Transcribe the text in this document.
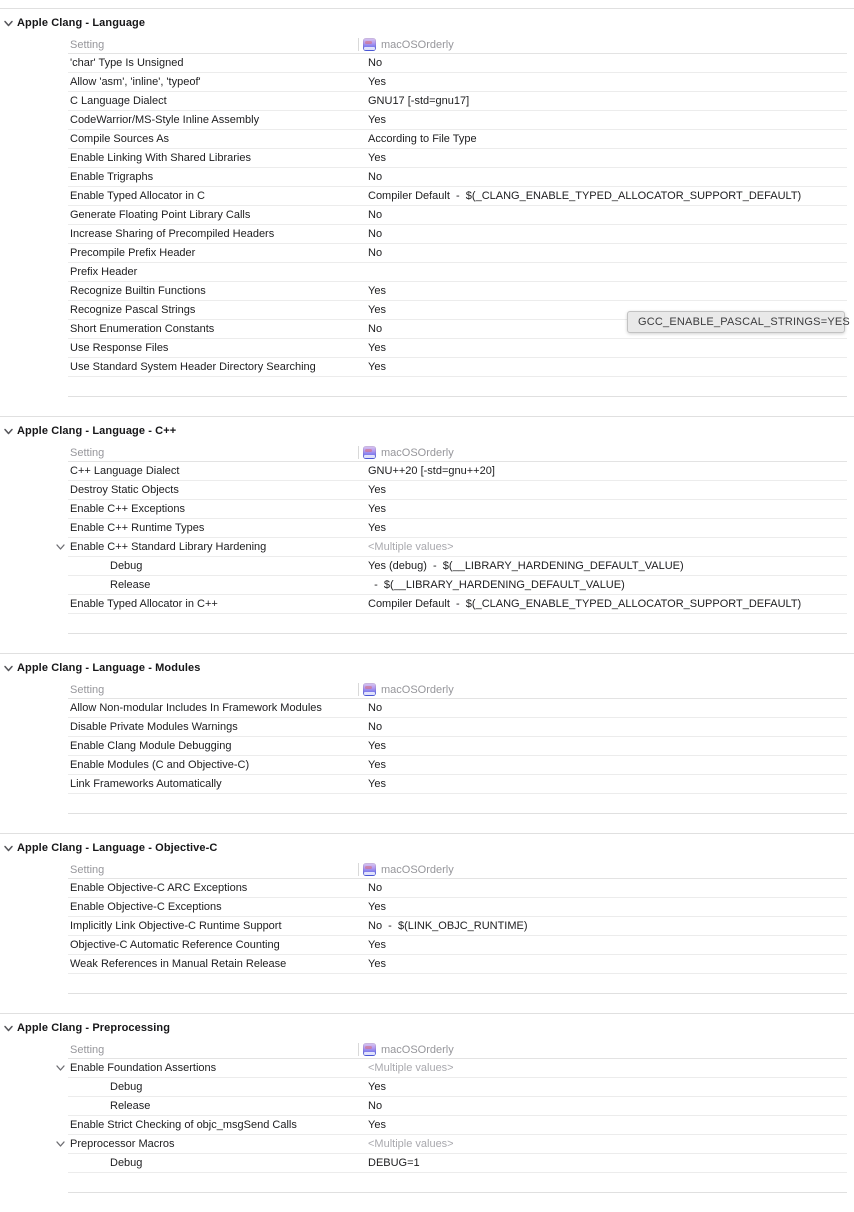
Apple Clang - Language
Setting	macOSOrderly
'char' Type Is Unsigned	No
Allow 'asm', 'inline', 'typeof'	Yes
C Language Dialect	GNU17 [-std=gnu17]
CodeWarrior/MS-Style Inline Assembly	Yes
Compile Sources As	According to File Type
Enable Linking With Shared Libraries	Yes
Enable Trigraphs	No
Enable Typed Allocator in C	Compiler Default  -  $(_CLANG_ENABLE_TYPED_ALLOCATOR_SUPPORT_DEFAULT)
Generate Floating Point Library Calls	No
Increase Sharing of Precompiled Headers	No
Precompile Prefix Header	No
Prefix Header
Recognize Builtin Functions	Yes
Recognize Pascal Strings	Yes
Short Enumeration Constants	No
Use Response Files	Yes
Use Standard System Header Directory Searching	Yes
Apple Clang - Language - C++
Setting	macOSOrderly
C++ Language Dialect	GNU++20 [-std=gnu++20]
Destroy Static Objects	Yes
Enable C++ Exceptions	Yes
Enable C++ Runtime Types	Yes
Enable C++ Standard Library Hardening	<Multiple values>
Debug	Yes (debug)  -  $(__LIBRARY_HARDENING_DEFAULT_VALUE)
Release	-  $(__LIBRARY_HARDENING_DEFAULT_VALUE)
Enable Typed Allocator in C++	Compiler Default  -  $(_CLANG_ENABLE_TYPED_ALLOCATOR_SUPPORT_DEFAULT)
Apple Clang - Language - Modules
Setting	macOSOrderly
Allow Non-modular Includes In Framework Modules	No
Disable Private Modules Warnings	No
Enable Clang Module Debugging	Yes
Enable Modules (C and Objective-C)	Yes
Link Frameworks Automatically	Yes
Apple Clang - Language - Objective-C
Setting	macOSOrderly
Enable Objective-C ARC Exceptions	No
Enable Objective-C Exceptions	Yes
Implicitly Link Objective-C Runtime Support	No  -  $(LINK_OBJC_RUNTIME)
Objective-C Automatic Reference Counting	Yes
Weak References in Manual Retain Release	Yes
Apple Clang - Preprocessing
Setting	macOSOrderly
Enable Foundation Assertions	<Multiple values>
Debug	Yes
Release	No
Enable Strict Checking of objc_msgSend Calls	Yes
Preprocessor Macros	<Multiple values>
Debug	DEBUG=1
GCC_ENABLE_PASCAL_STRINGS=YES
